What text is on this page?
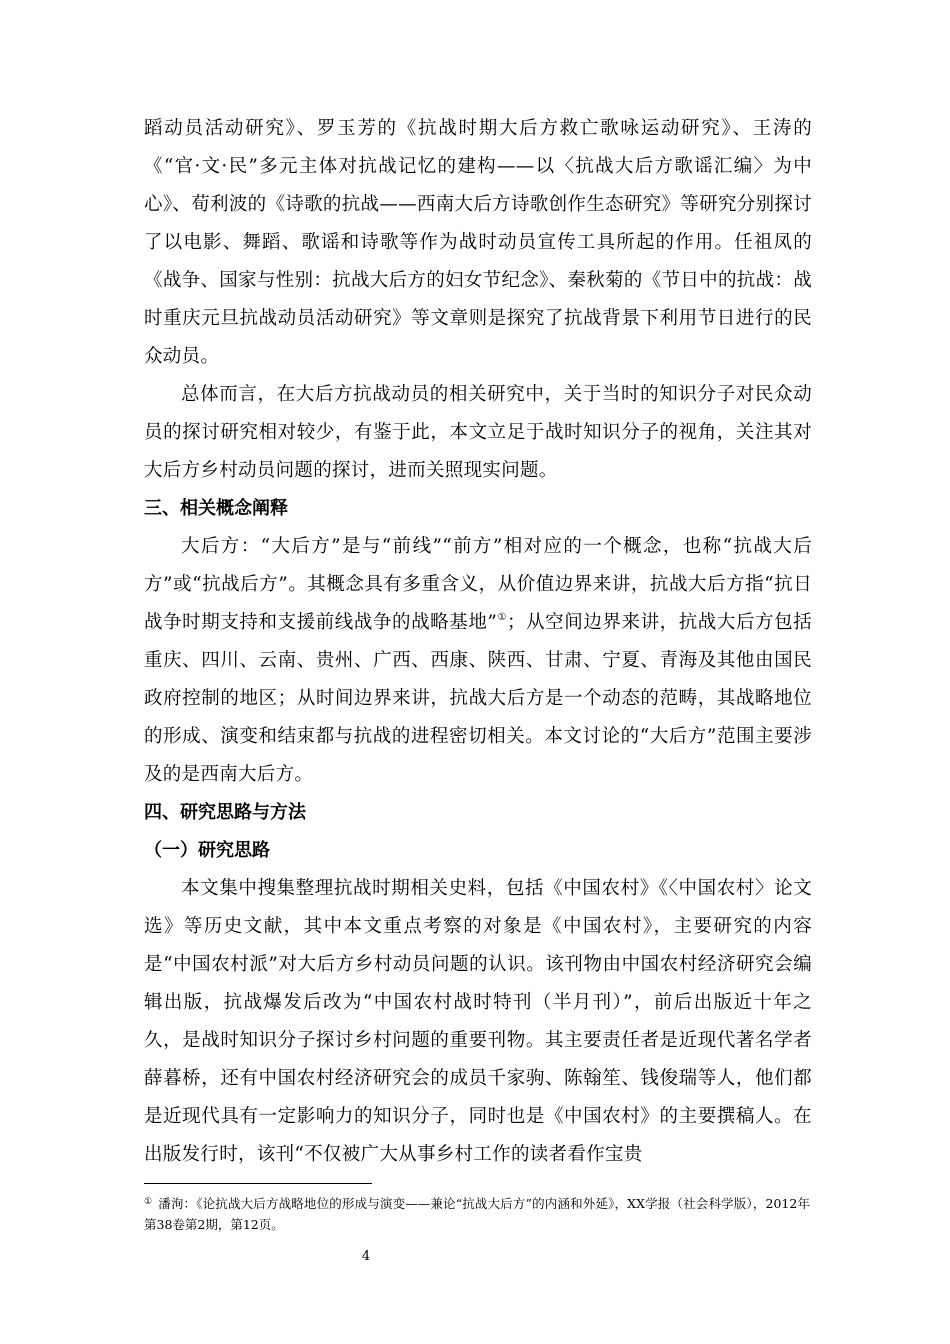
蹈动员活动研究》、罗玉芳的《抗战时期大后方救亡歌咏运动研究》、王涛的《“官·文·民”多元主体对抗战记忆的建构——以〈抗战大后方歌谣汇编〉为中心》、荀利波的《诗歌的抗战——西南大后方诗歌创作生态研究》等研究分别探讨了以电影、舞蹈、歌谣和诗歌等作为战时动员宣传工具所起的作用。任祖凤的《战争、国家与性别：抗战大后方的妇女节纪念》、秦秋菊的《节日中的抗战：战时重庆元旦抗战动员活动研究》等文章则是探究了抗战背景下利用节日进行的民众动员。

总体而言，在大后方抗战动员的相关研究中，关于当时的知识分子对民众动员的探讨研究相对较少，有鉴于此，本文立足于战时知识分子的视角，关注其对大后方乡村动员问题的探讨，进而关照现实问题。

三、相关概念阐释

大后方：“大后方”是与“前线”“前方”相对应的一个概念，也称“抗战大后方”或“抗战后方”。其概念具有多重含义，从价值边界来讲，抗战大后方指“抗日战争时期支持和支援前线战争的战略基地”①；从空间边界来讲，抗战大后方包括重庆、四川、云南、贵州、广西、西康、陕西、甘肃、宁夏、青海及其他由国民政府控制的地区；从时间边界来讲，抗战大后方是一个动态的范畴，其战略地位的形成、演变和结束都与抗战的进程密切相关。本文讨论的“大后方”范围主要涉及的是西南大后方。

四、研究思路与方法
（一）研究思路

本文集中搜集整理抗战时期相关史料，包括《中国农村》《〈中国农村〉论文选》等历史文献，其中本文重点考察的对象是《中国农村》，主要研究的内容是“中国农村派”对大后方乡村动员问题的认识。该刊物由中国农村经济研究会编辑出版，抗战爆发后改为“中国农村战时特刊（半月刊）”，前后出版近十年之久，是战时知识分子探讨乡村问题的重要刊物。其主要责任者是近现代著名学者薛暮桥，还有中国农村经济研究会的成员千家驹、陈翰笙、钱俊瑞等人，他们都是近现代具有一定影响力的知识分子，同时也是《中国农村》的主要撰稿人。在出版发行时，该刊“不仅被广大从事乡村工作的读者看作宝贵

① 潘洵：《论抗战大后方战略地位的形成与演变——兼论“抗战大后方”的内涵和外延》，XX学报（社会科学版），2012年第38卷第2期，第12页。
4
